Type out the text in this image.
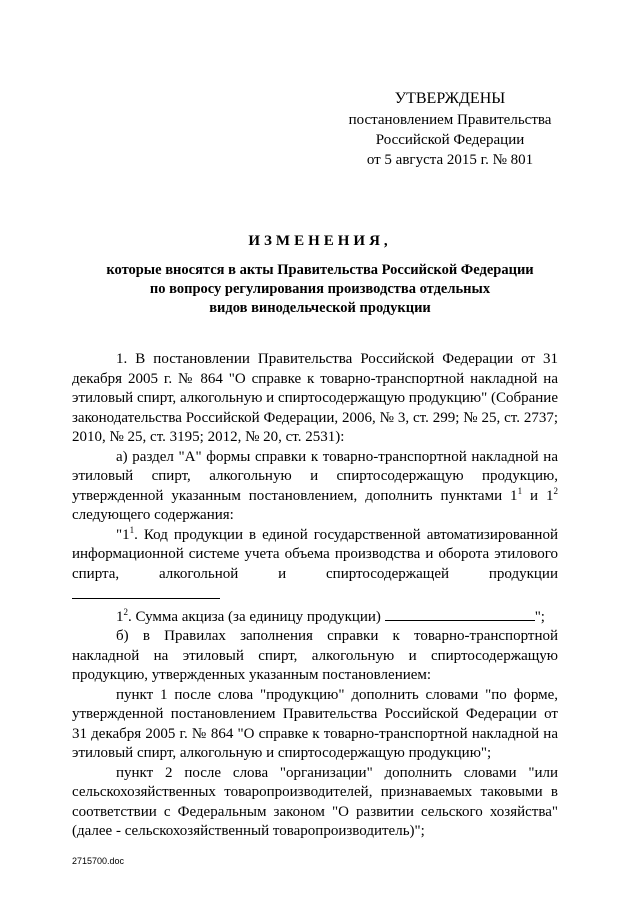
УТВЕРЖДЕНЫ
постановлением Правительства
Российской Федерации
от 5 августа 2015 г. № 801
ИЗМЕНЕНИЯ,
которые вносятся в акты Правительства Российской Федерации
по вопросу регулирования производства отдельных
видов винодельческой продукции

1. В постановлении Правительства Российской Федерации от 31 декабря 2005 г. № 864 "О справке к товарно-транспортной накладной на этиловый спирт, алкогольную и спиртосодержащую продукцию" (Собрание законодательства Российской Федерации, 2006, № 3, ст. 299; № 25, ст. 2737; 2010, № 25, ст. 3195; 2012, № 20, ст. 2531):

а) раздел "А" формы справки к товарно-транспортной накладной на этиловый спирт, алкогольную и спиртосодержащую продукцию, утвержденной указанным постановлением, дополнить пунктами $1^1$ и $1^2$ следующего содержания:

"$1^1$. Код продукции в единой государственной автоматизированной информационной системе учета объема производства и оборота этилового спирта, алкогольной и спиртосодержащей продукции

$1^2$. Сумма акциза (за единицу продукции)	";

б) в Правилах заполнения справки к товарно-транспортной накладной на этиловый спирт, алкогольную и спиртосодержащую продукцию, утвержденных указанным постановлением:

пункт 1 после слова "продукцию" дополнить словами "по форме, утвержденной постановлением Правительства Российской Федерации от 31 декабря 2005 г. № 864 "О справке к товарно-транспортной накладной на этиловый спирт, алкогольную и спиртосодержащую продукцию";

пункт 2 после слова "организации" дополнить словами "или сельскохозяйственных товаропроизводителей, признаваемых таковыми в соответствии с Федеральным законом "О развитии сельского хозяйства" (далее - сельскохозяйственный товаропроизводитель)";

2715700.doc
